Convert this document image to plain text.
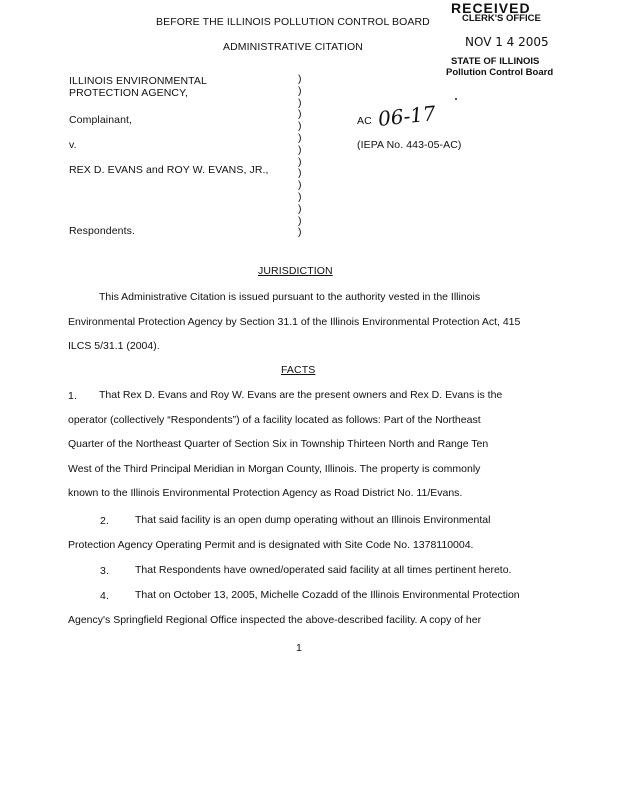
BEFORE THE ILLINOIS POLLUTION CONTROL BOARD
ADMINISTRATIVE CITATION
RECEIVED
CLERK'S OFFICE
NOV 1 4 2005
STATE OF ILLINOIS
Pollution Control Board
ILLINOIS ENVIRONMENTAL
PROTECTION AGENCY,
Complainant,
v.
REX D. EVANS and ROY W. EVANS, JR.,
Respondents.
)
)
)
)
)
)
)
)
)
)
)
)
)
)
AC 06-17
(IEPA No. 443-05-AC)
JURISDICTION
This Administrative Citation is issued pursuant to the authority vested in the Illinois
Environmental Protection Agency by Section 31.1 of the Illinois Environmental Protection Act, 415
ILCS 5/31.1 (2004).
FACTS
1.	That Rex D. Evans and Roy W. Evans are the present owners and Rex D. Evans is the
operator (collectively “Respondents”) of a facility located as follows: Part of the Northeast
Quarter of the Northeast Quarter of Section Six in Township Thirteen North and Range Ten
West of the Third Principal Meridian in Morgan County, Illinois. The property is commonly
known to the Illinois Environmental Protection Agency as Road District No. 11/Evans.
2.	That said facility is an open dump operating without an Illinois Environmental
Protection Agency Operating Permit and is designated with Site Code No. 1378110004.
3.	That Respondents have owned/operated said facility at all times pertinent hereto.
4.	That on October 13, 2005, Michelle Cozadd of the Illinois Environmental Protection
Agency's Springfield Regional Office inspected the above-described facility. A copy of her
1
